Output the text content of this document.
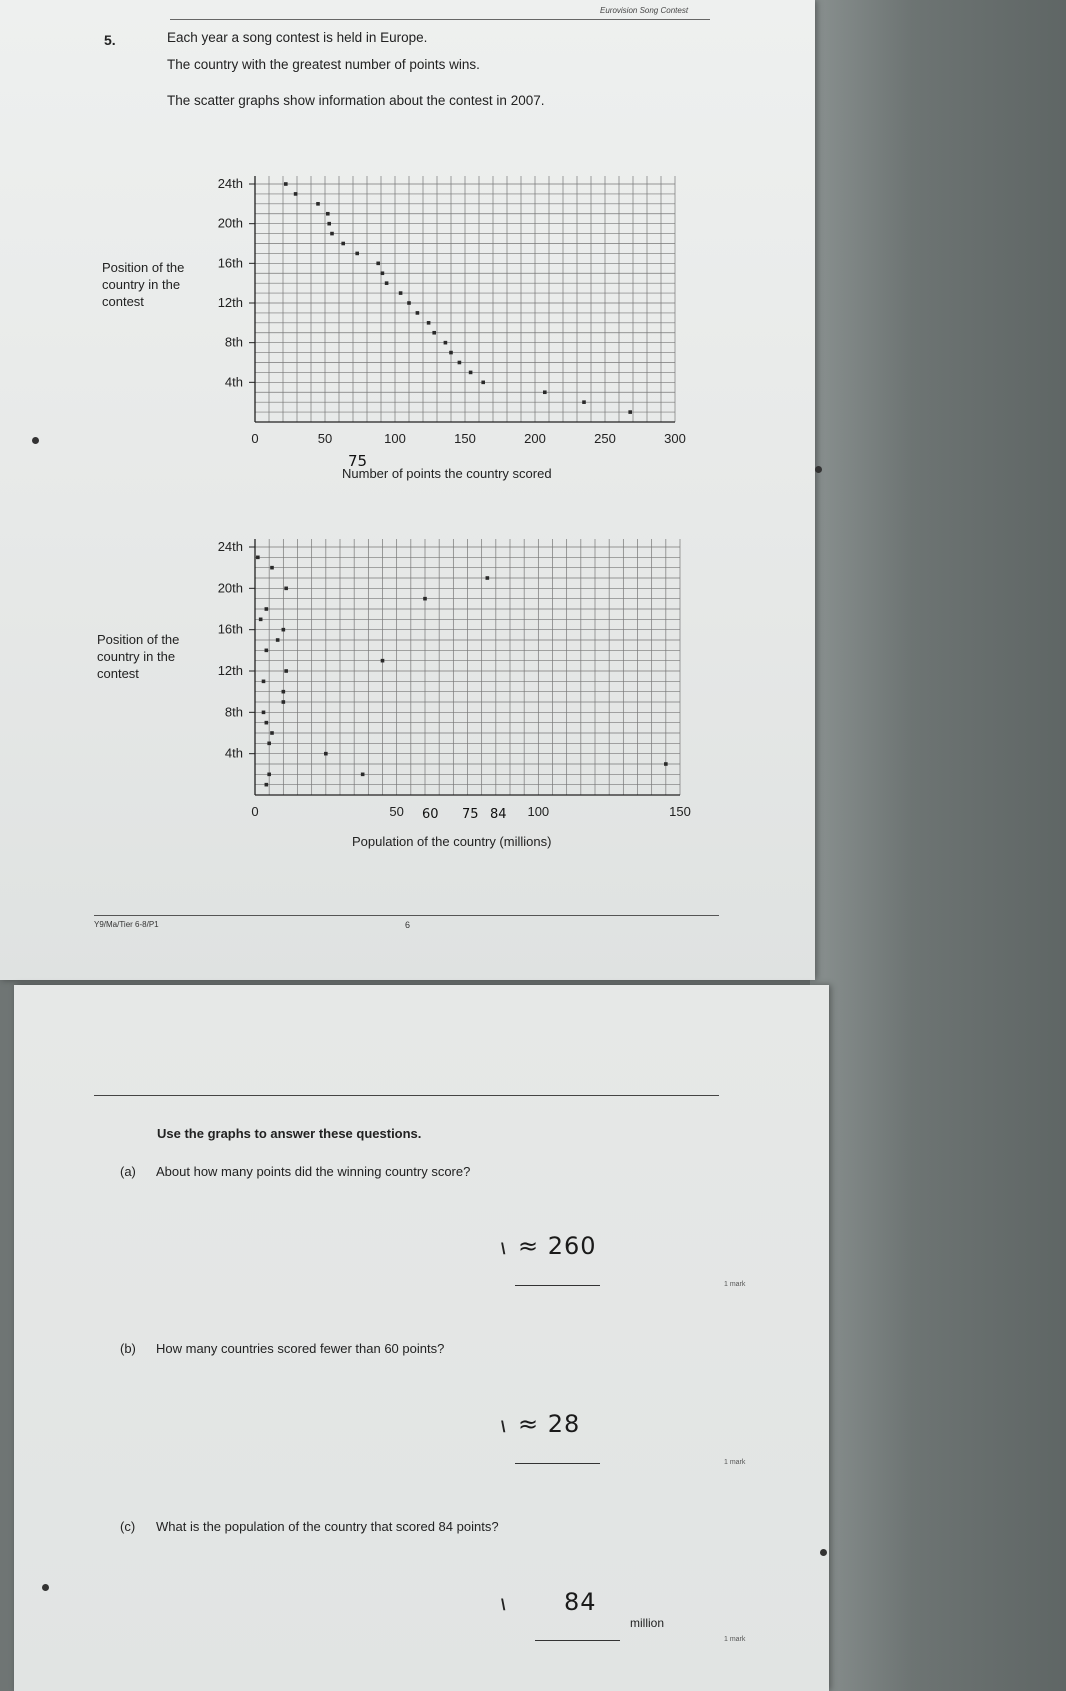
Eurovision Song Contest
5.	Each year a song contest is held in Europe.
The country with the greatest number of points wins.
The scatter graphs show information about the contest in 2007.
Position of the country in the contest
0	50	100	150	200	250	300
4th
8th
12th
16th
20th
24th
75
Number of points the country scored
Position of the country in the contest
0	50	100	150
4th
8th
12th
16th
20th
24th
60 75 84
Population of the country (millions)
Y9/Ma/Tier 6-8/P1	6
Use the graphs to answer these questions.
(a) About how many points did the winning country score?
\ ≈ 260
1 mark
(b) How many countries scored fewer than 60 points?
\ ≈ 28
1 mark
(c) What is the population of the country that scored 84 points?
\ 84
million
1 mark
